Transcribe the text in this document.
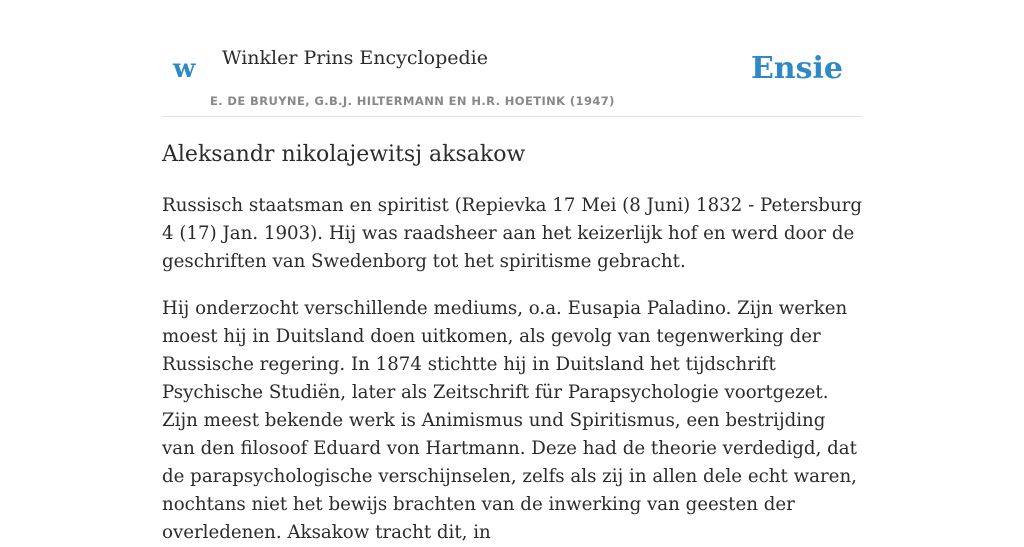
w Winkler Prins Encyclopedie
E. DE BRUYNE, G.B.J. HILTERMANN EN H.R. HOETINK (1947)
Ensie
Aleksandr nikolajewitsj aksakow

Russisch staatsman en spiritist (Repievka 17 Mei (8 Juni) 1832 - Petersburg 4 (17) Jan. 1903). Hij was raadsheer aan het keizerlijk hof en werd door de geschriften van Swedenborg tot het spiritisme gebracht.

Hij onderzocht verschillende mediums, o.a. Eusapia Paladino. Zijn werken moest hij in Duitsland doen uitkomen, als gevolg van tegenwerking der Russische regering. In 1874 stichtte hij in Duitsland het tijdschrift Psychische Studiën, later als Zeitschrift für Parapsychologie voortgezet. Zijn meest bekende werk is Animismus und Spiritismus, een bestrijding van den filosoof Eduard von Hartmann. Deze had de theorie verdedigd, dat de parapsychologische verschijnselen, zelfs als zij in allen dele echt waren, nochtans niet het bewijs brachten van de inwerking van geesten der overledenen. Aksakow tracht dit, in
